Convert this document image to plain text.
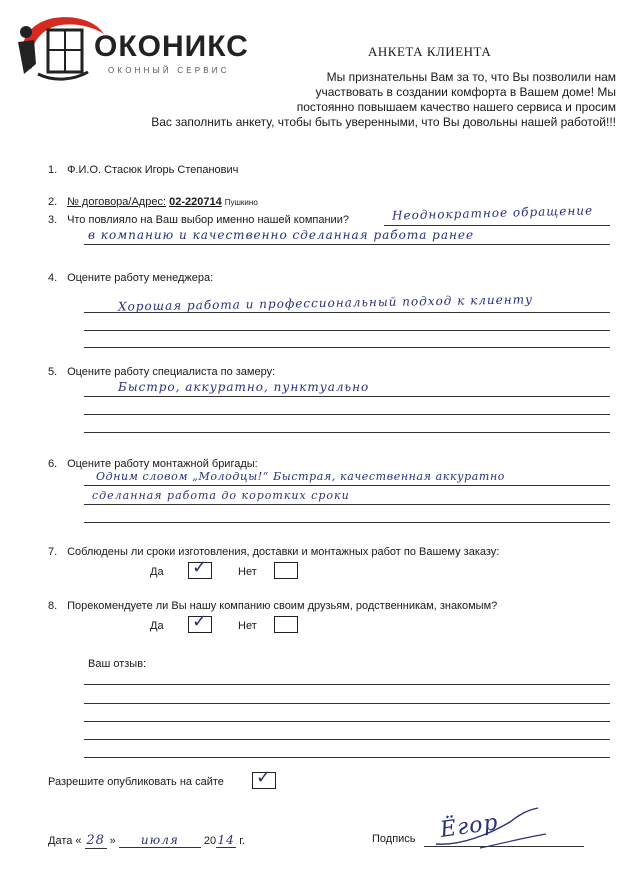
ОКОНИКС
ОКОННЫЙ СЕРВИС
АНКЕТА КЛИЕНТА
Мы признательны Вам за то, что Вы позволили нам
участвовать в создании комфорта в Вашем доме! Мы
постоянно повышаем качество нашего сервиса и просим
Вас заполнить анкету, чтобы быть уверенными, что Вы довольны нашей работой!!!
1. Ф.И.О. Стасюк Игорь Степанович
2. № договора/Адрес: 02-220714 Пушкино
3. Что повлияло на Ваш выбор именно нашей компании?	Неоднократное обращение
в компанию и качественно сделанная работа ранее
4. Оцените работу менеджера:
Хорошая работа и профессиональный подход к клиенту
5. Оцените работу специалиста по замеру:
Быстро, аккуратно, пунктуально
6. Оцените работу монтажной бригады:
Одним словом „Молодцы!“ Быстрая, качественная аккуратно
сделанная работа до коротких сроки
7. Соблюдены ли сроки изготовления, доставки и монтажных работ по Вашему заказу:
Да ✓	Нет
8. Порекомендуете ли Вы нашу компанию своим друзьям, родственникам, знакомым?
Да ✓	Нет
Ваш отзыв:
Разрешите опубликовать на сайте ✓
Дата « 28 » июля 2014 г.	Подпись Ёгор
